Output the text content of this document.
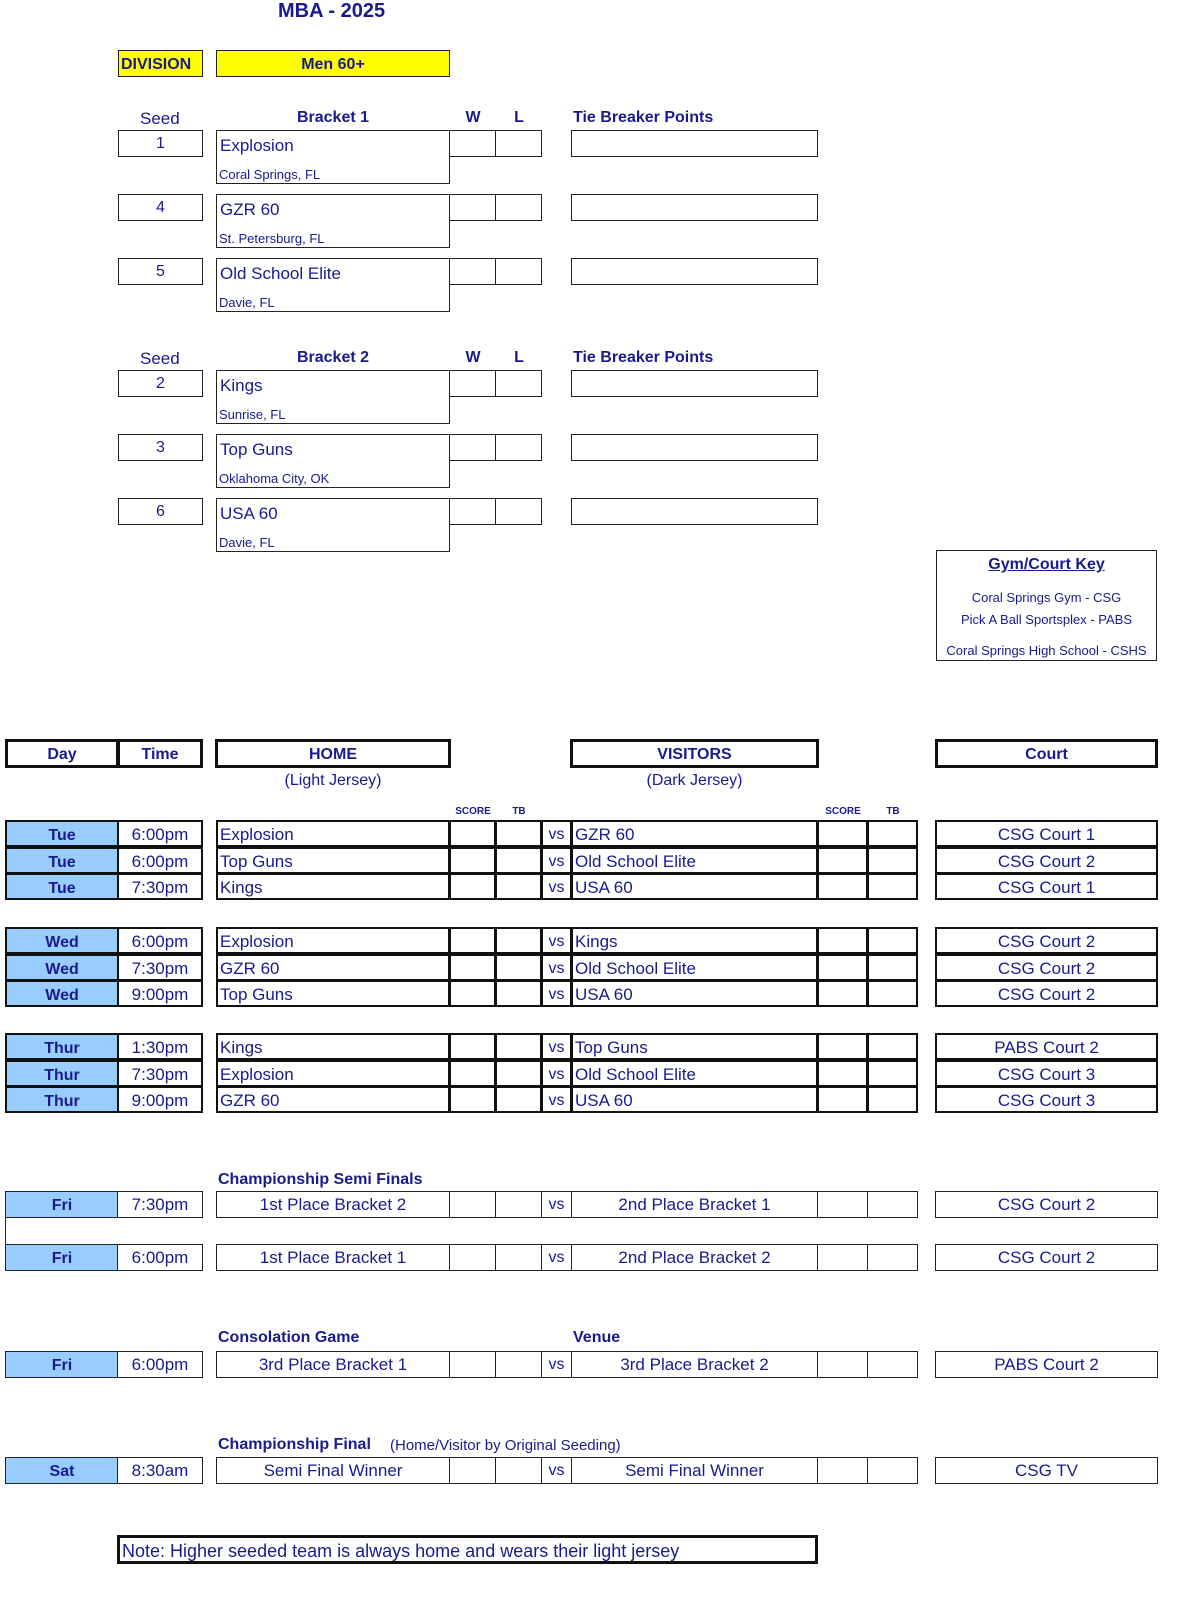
MBA - 2025
DIVISION	Men 60+
Seed	Bracket 1	W	L	Tie Breaker Points
Seed	Bracket 2	W	L	Tie Breaker Points
1	Explosion
Coral Springs, FL
4	GZR 60
St. Petersburg, FL
5	Old School Elite
Davie, FL
2	Kings
Sunrise, FL
3	Top Guns
Oklahoma City, OK
6	USA 60
Davie, FL
Gym/Court Key
Coral Springs Gym - CSG
Pick A Ball Sportsplex - PABS
Coral Springs High School - CSHS
Day	Time	HOME
(Light Jersey)
VISITORS
(Dark Jersey)
Court
SCORE	TB	SCORE	TB
Tue	6:00pm	Explosion	vs GZR 60	CSG Court 1
Tue	6:00pm	Top Guns	vs Old School Elite	CSG Court 2
Tue	7:30pm	Kings	vs USA 60	CSG Court 1
Wed	6:00pm	Explosion	vs Kings	CSG Court 2
Wed	7:30pm	GZR 60	vs Old School Elite	CSG Court 2
Wed	9:00pm	Top Guns	vs USA 60	CSG Court 2
Thur	1:30pm	Kings	vs Top Guns	PABS Court 2
Thur	7:30pm	Explosion	vs Old School Elite	CSG Court 3
Thur	9:00pm	GZR 60	vs USA 60	CSG Court 3
Fri	7:30pm	1st Place Bracket 2	vs	2nd Place Bracket 1	CSG Court 2
Fri	6:00pm	1st Place Bracket 1	vs	2nd Place Bracket 2	CSG Court 2
Fri	6:00pm	3rd Place Bracket 1	vs	3rd Place Bracket 2	PABS Court 2
Sat	8:30am	Semi Final Winner	vs	Semi Final Winner	CSG TV
Championship Semi Finals
Consolation Game	Venue
Championship Final (Home/Visitor by Original Seeding)
Note: Higher seeded team is always home and wears their light jersey
